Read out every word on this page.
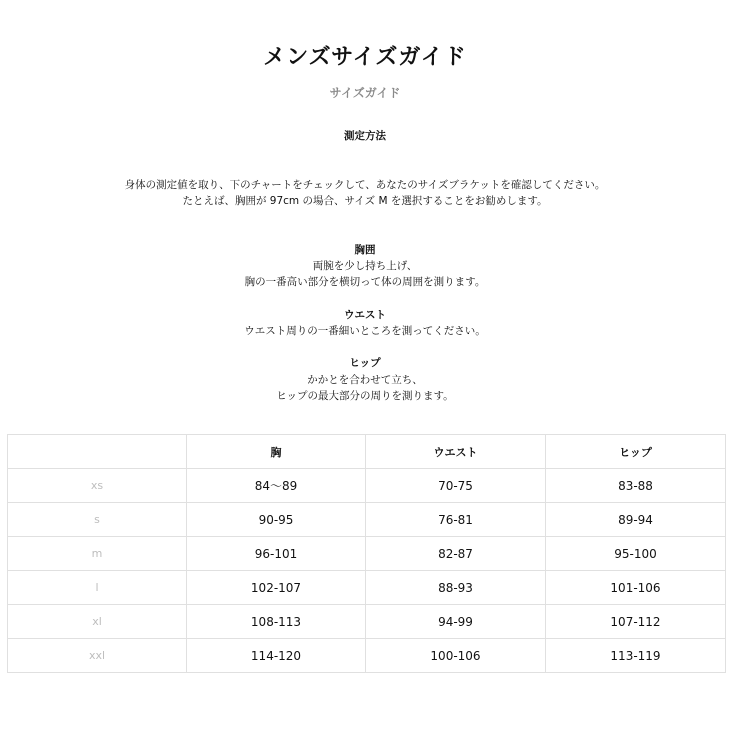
メンズサイズガイド
サイズガイド
測定方法
身体の測定値を取り、下のチャートをチェックして、あなたのサイズブラケットを確認してください。
たとえば、胸囲が 97cm の場合、サイズ M を選択することをお勧めします。
胸囲
両腕を少し持ち上げ、
胸の一番高い部分を横切って体の周囲を測ります。
ウエスト
ウエスト周りの一番細いところを測ってください。
ヒップ
かかとを合わせて立ち、
ヒップの最大部分の周りを測ります。
	胸	ウエスト	ヒップ
xs	84〜89	70-75	83-88
s	90-95	76-81	89-94
m	96-101	82-87	95-100
l	102-107	88-93	101-106
xl	108-113	94-99	107-112
xxl	114-120	100-106	113-119
